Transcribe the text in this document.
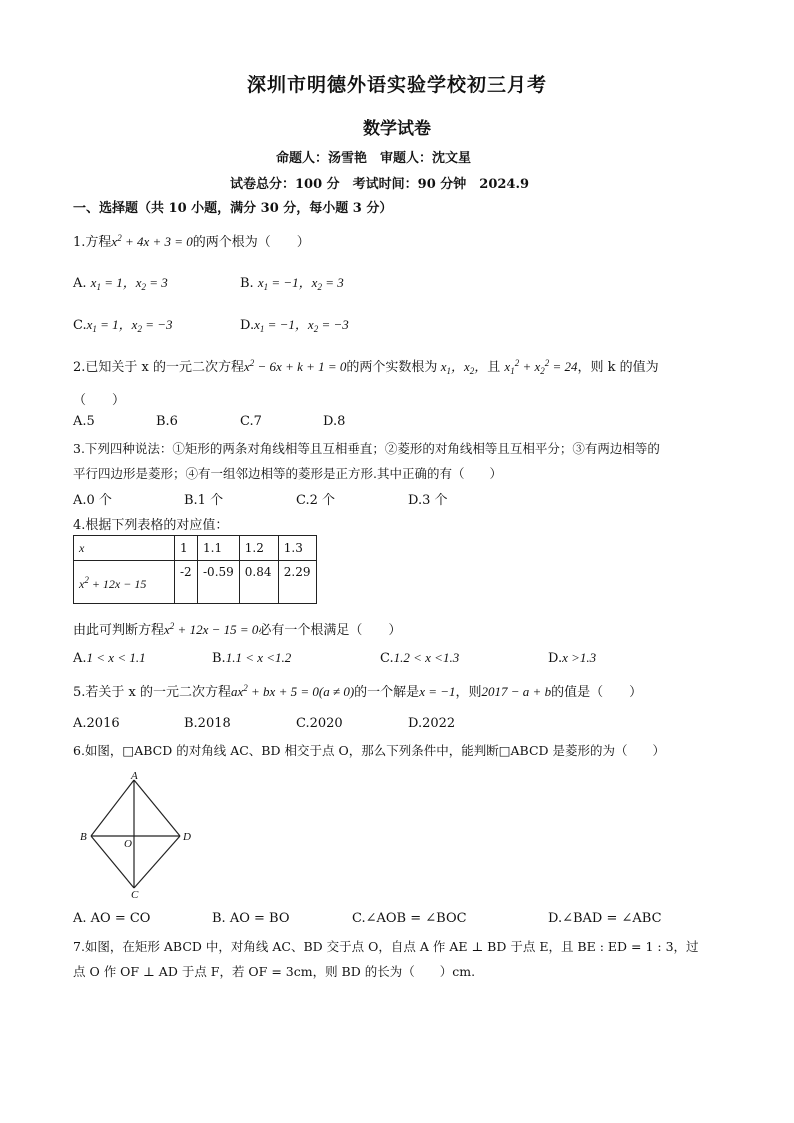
深圳市明德外语实验学校初三月考
数学试卷
命题人：汤雪艳　审题人：沈文星
试卷总分：100 分　考试时间：90 分钟　2024.9
一、选择题（共 10 小题，满分 30 分，每小题 3 分）
1.方程$x^2 + 4x + 3 = 0$的两个根为（　　）
A. $x_1 = 1$，$x_2 = 3$	B. $x_1 = -1$，$x_2 = 3$
$C.x_1 = 1$，$x_2 = -3$	$D.x_1 = -1$，$x_2 = -3$
2.已知关于 x 的一元二次方程$x^2 - 6x + k + 1 = 0$的两个实数根为 $x_1$，$x_2$，且 $x_1^2 + x_2^2 = 24$，则 k 的值为
（　　）
A.5	B.6	C.7	D.8
3.下列四种说法：①矩形的两条对角线相等且互相垂直；②菱形的对角线相等且互相平分；③有两边相等的
平行四边形是菱形；④有一组邻边相等的菱形是正方形.其中正确的有（　　）
A.0 个	B.1 个	C.2 个	D.3 个
4.根据下列表格的对应值：
x	1	1.1	1.2	1.3
$x^2 + 12x - 15$	-2	-0.59	0.84	2.29
由此可判断方程$x^2 + 12x - 15 = 0$必有一个根满足（　　）
A.1 < x < 1.1	B.1.1 < x <1.2	C.1.2 < x <1.3	D.x >1.3
5.若关于 x 的一元二次方程$ax^2$ + bx + 5 = 0(a ≠ 0)的一个解是x = −1，则2017 − a + b的值是（　　）
A.2016	B.2018	C.2020	D.2022
6.如图，□ABCD 的对角线 AC、BD 相交于点 O，那么下列条件中，能判断□ABCD 是菱形的为（　　）
A
B
C
D
O
A. AO = CO	B. AO = BO	C.∠AOB = ∠BOC	D.∠BAD = ∠ABC
7.如图，在矩形 ABCD 中，对角线 AC、BD 交于点 O，自点 A 作 AE ⊥ BD 于点 E，且 BE : ED = 1 : 3，过
点 O 作 OF ⊥ AD 于点 F，若 OF = 3cm，则 BD 的长为（　　）cm.
